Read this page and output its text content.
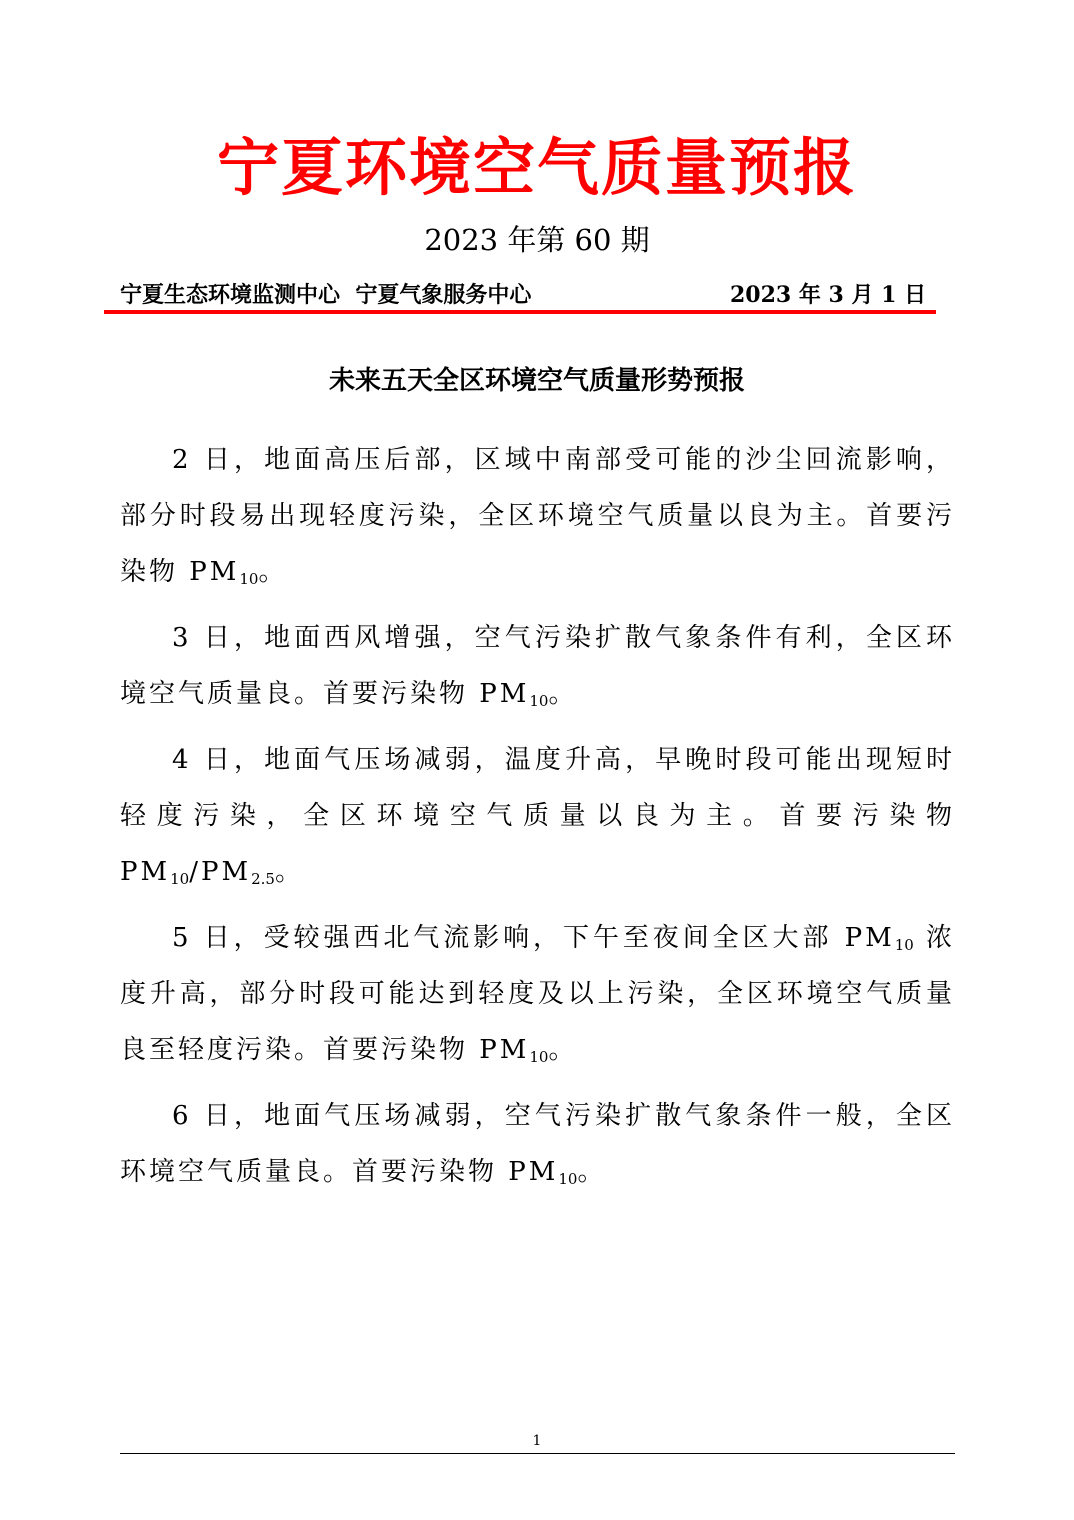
宁夏环境空气质量预报
2023 年第 60 期
宁夏生态环境监测中心  宁夏气象服务中心	2023 年 3 月 1 日
未来五天全区环境空气质量形势预报

2 日，地面高压后部，区域中南部受可能的沙尘回流影响，部分时段易出现轻度污染，全区环境空气质量以良为主。首要污染物 $PM_{10}$。

3 日，地面西风增强，空气污染扩散气象条件有利，全区环境空气质量良。首要污染物 $PM_{10}$。

4 日，地面气压场减弱，温度升高，早晚时段可能出现短时轻度污染，全区环境空气质量以良为主。首要污染物 $PM_{10}/PM_{2.5}$。

5 日，受较强西北气流影响，下午至夜间全区大部 $PM_{10}$ 浓度升高，部分时段可能达到轻度及以上污染，全区环境空气质量良至轻度污染。首要污染物 $PM_{10}$。

6 日，地面气压场减弱，空气污染扩散气象条件一般，全区环境空气质量良。首要污染物 $PM_{10}$。

1
